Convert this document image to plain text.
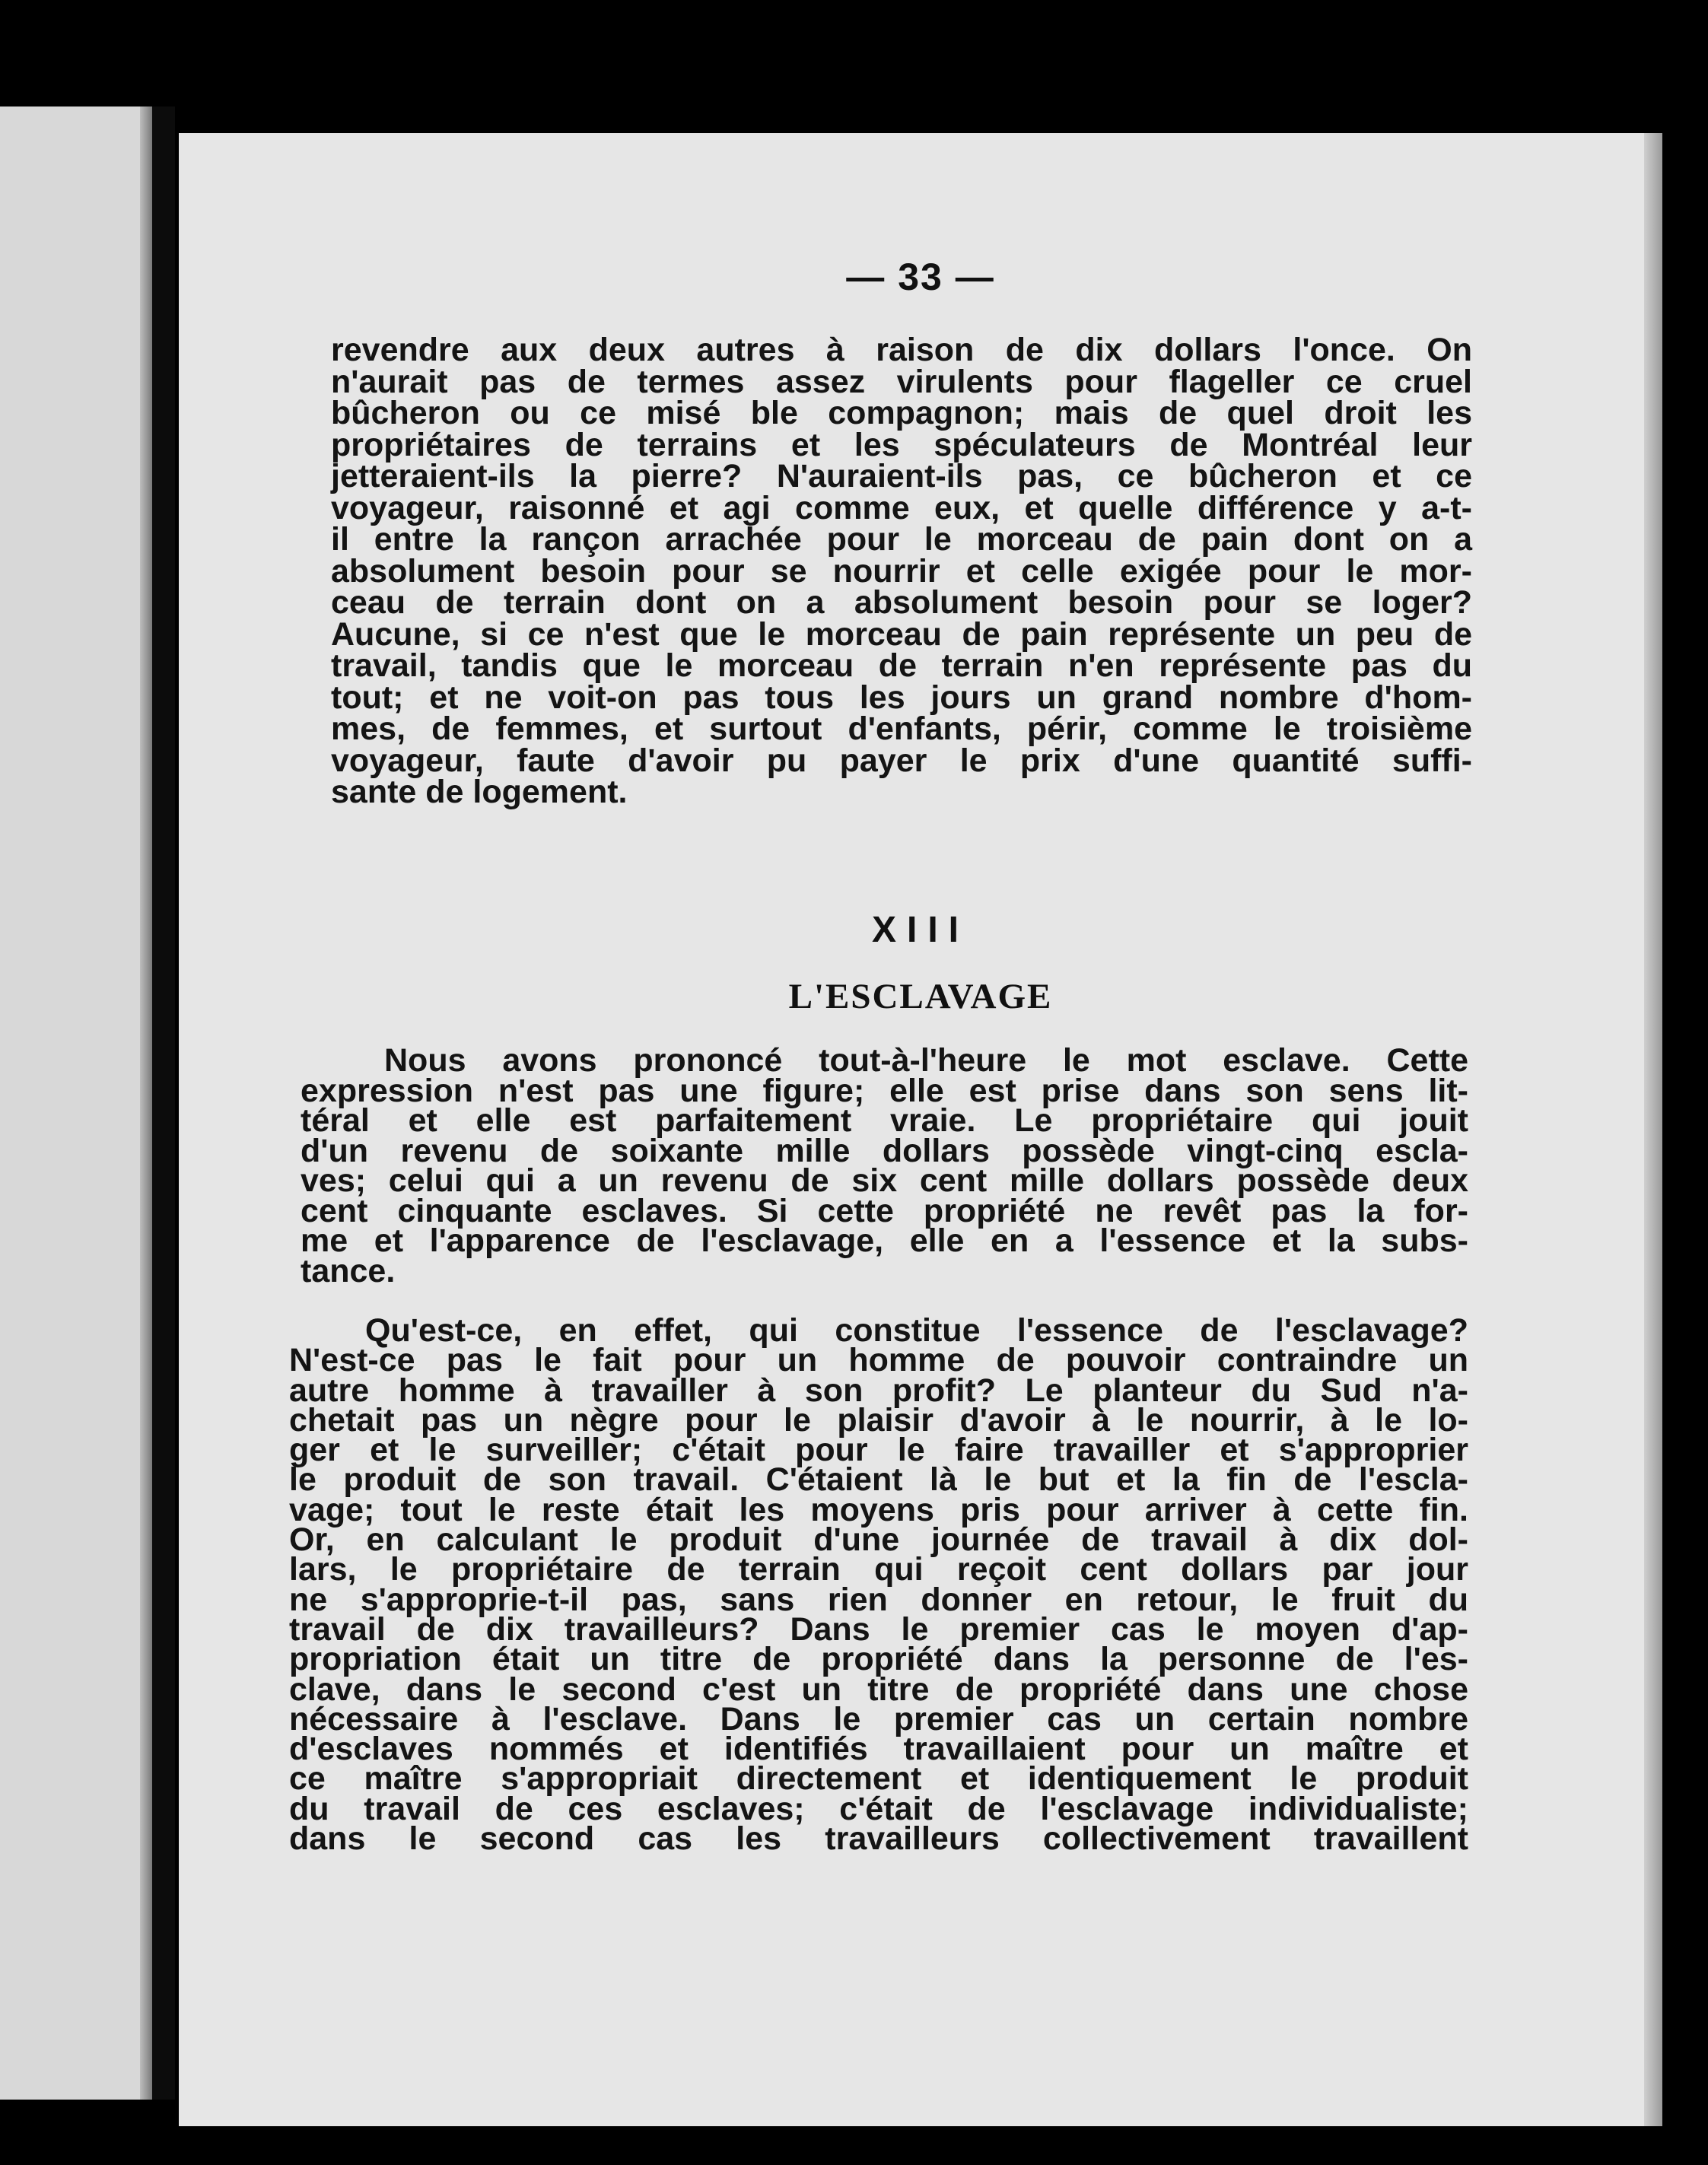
— 33 —
revendre aux deux autres à raison de dix dollars l'once. On
n'aurait pas de termes assez virulents pour flageller ce cruel
bûcheron ou ce misé ble compagnon; mais de quel droit les
propriétaires de terrains et les spéculateurs de Montréal leur
jetteraient-ils la pierre? N'auraient-ils pas, ce bûcheron et ce
voyageur, raisonné et agi comme eux, et quelle différence y a-t-
il entre la rançon arrachée pour le morceau de pain dont on a
absolument besoin pour se nourrir et celle exigée pour le mor-
ceau de terrain dont on a absolument besoin pour se loger?
Aucune, si ce n'est que le morceau de pain représente un peu de
travail, tandis que le morceau de terrain n'en représente pas du
tout; et ne voit-on pas tous les jours un grand nombre d'hom-
mes, de femmes, et surtout d'enfants, périr, comme le troisième
voyageur, faute d'avoir pu payer le prix d'une quantité suffi-
sante de logement.
XIII
L'ESCLAVAGE
Nous avons prononcé tout-à-l'heure le mot esclave. Cette
expression n'est pas une figure; elle est prise dans son sens lit-
téral et elle est parfaitement vraie. Le propriétaire qui jouit
d'un revenu de soixante mille dollars possède vingt-cinq escla-
ves; celui qui a un revenu de six cent mille dollars possède deux
cent cinquante esclaves. Si cette propriété ne revêt pas la for-
me et l'apparence de l'esclavage, elle en a l'essence et la subs-
tance.
Qu'est-ce, en effet, qui constitue l'essence de l'esclavage?
N'est-ce pas le fait pour un homme de pouvoir contraindre un
autre homme à travailler à son profit? Le planteur du Sud n'a-
chetait pas un nègre pour le plaisir d'avoir à le nourrir, à le lo-
ger et le surveiller; c'était pour le faire travailler et s'approprier
le produit de son travail. C'étaient là le but et la fin de l'escla-
vage; tout le reste était les moyens pris pour arriver à cette fin.
Or, en calculant le produit d'une journée de travail à dix dol-
lars, le propriétaire de terrain qui reçoit cent dollars par jour
ne s'approprie-t-il pas, sans rien donner en retour, le fruit du
travail de dix travailleurs? Dans le premier cas le moyen d'ap-
propriation était un titre de propriété dans la personne de l'es-
clave, dans le second c'est un titre de propriété dans une chose
nécessaire à l'esclave. Dans le premier cas un certain nombre
d'esclaves nommés et identifiés travaillaient pour un maître et
ce maître s'appropriait directement et identiquement le produit
du travail de ces esclaves; c'était de l'esclavage individualiste;
dans le second cas les travailleurs collectivement travaillent
